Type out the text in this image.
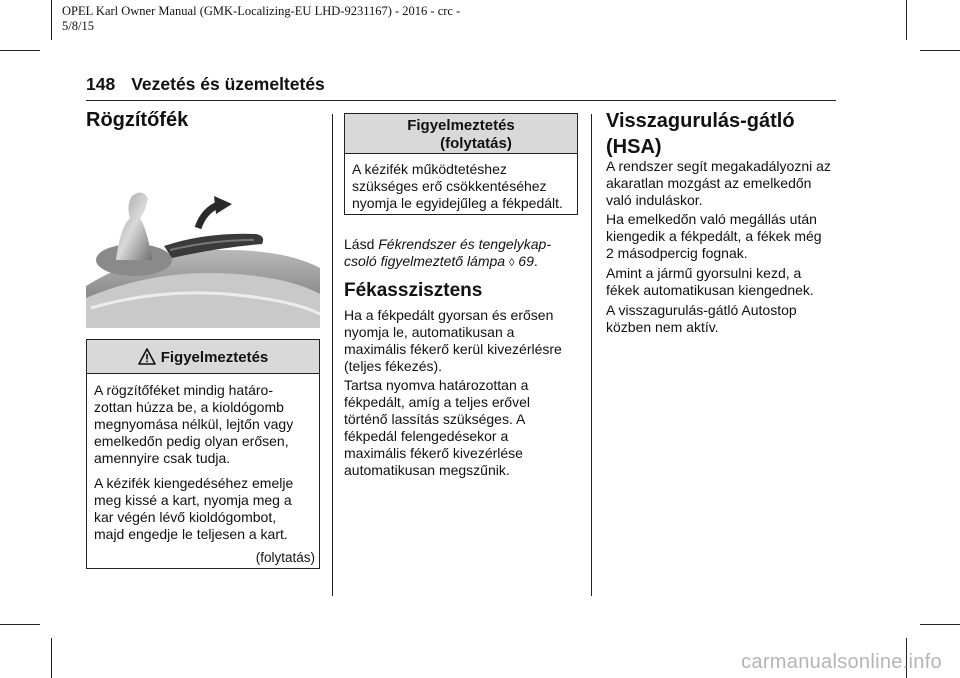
OPEL Karl Owner Manual (GMK-Localizing-EU LHD-9231167) - 2016 - crc -
5/8/15
148 Vezetés és üzemeltetés
Rögzítőfék
Figyelmeztetés

A rögzítőféket mindig határo-
zottan húzza be, a kioldógomb
megnyomása nélkül, lejtőn vagy
emelkedőn pedig olyan erősen,
amennyire csak tudja.

A kézifék kiengedéséhez emelje
meg kissé a kart, nyomja meg a
kar végén lévő kioldógombot,
majd engedje le teljesen a kart.

(folytatás)
Figyelmeztetés
(folytatás)

A kézifék működtetéshez
szükséges erő csökkentéséhez
nyomja le egyidejűleg a fékpedált.

Lásd Fékrendszer és tengelykap-
csoló figyelmeztető lámpa ◊ 69.

Fékasszisztens

Ha a fékpedált gyorsan és erősen
nyomja le, automatikusan a
maximális fékerő kerül kivezérlésre
(teljes fékezés).

Tartsa nyomva határozottan a
fékpedált, amíg a teljes erővel
történő lassítás szükséges. A
fékpedál felengedésekor a
maximális fékerő kivezérlése
automatikusan megszűnik.

Visszagurulás-gátló
(HSA)

A rendszer segít megakadályozni az
akaratlan mozgást az emelkedőn
való induláskor.

Ha emelkedőn való megállás után
kiengedik a fékpedált, a fékek még
2 másodpercig fognak.

Amint a jármű gyorsulni kezd, a
fékek automatikusan kiengednek.

A visszagurulás-gátló Autostop
közben nem aktív.

carmanualsonline.info
